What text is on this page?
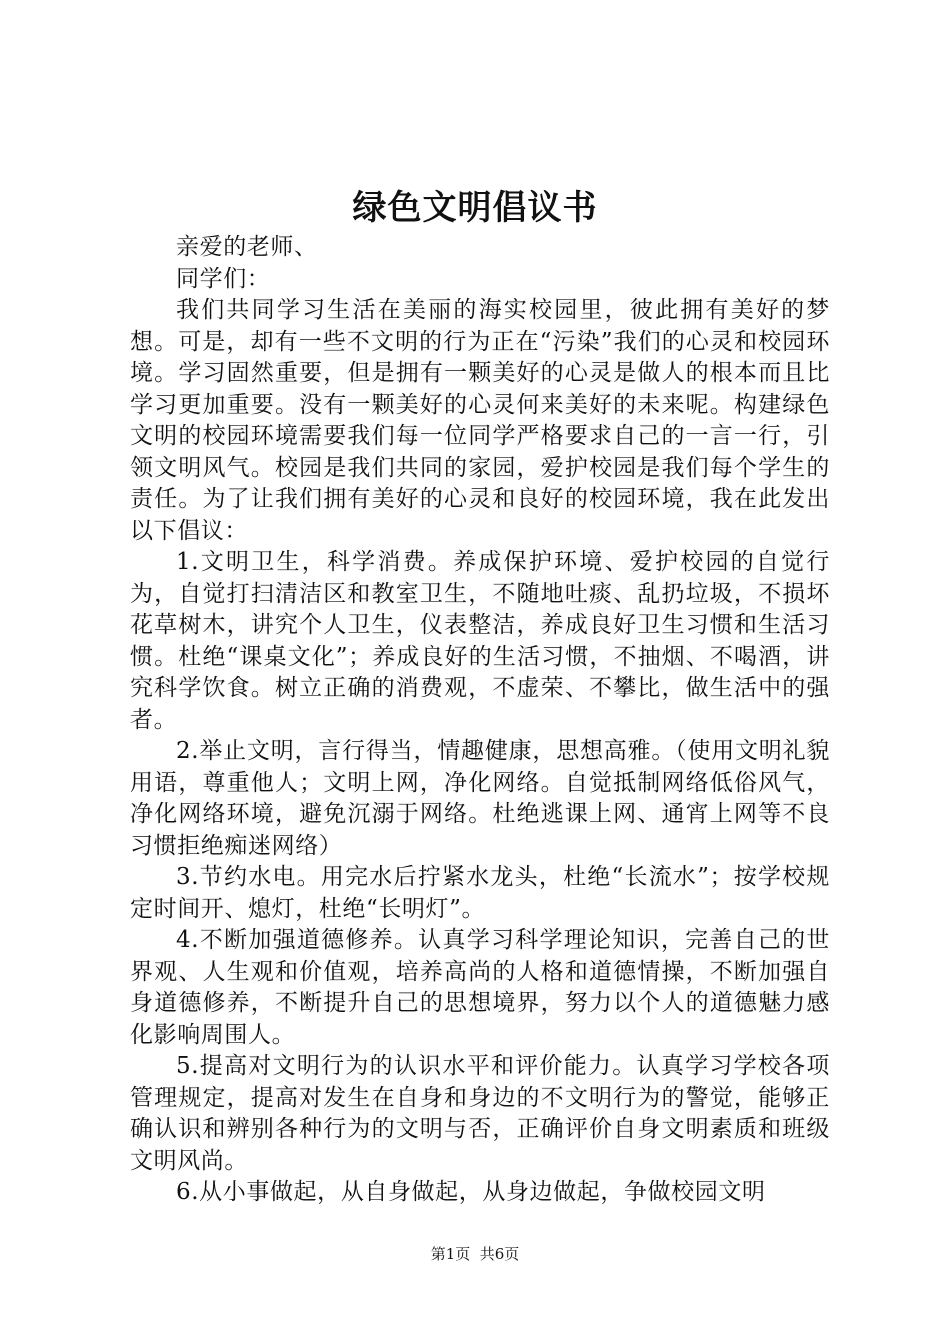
绿色文明倡议书

亲爱的老师、

同学们：

我们共同学习生活在美丽的海实校园里，彼此拥有美好的梦想。可是，却有一些不文明的行为正在“污染”我们的心灵和校园环境。学习固然重要，但是拥有一颗美好的心灵是做人的根本而且比学习更加重要。没有一颗美好的心灵何来美好的未来呢。构建绿色文明的校园环境需要我们每一位同学严格要求自己的一言一行，引领文明风气。校园是我们共同的家园，爱护校园是我们每个学生的责任。为了让我们拥有美好的心灵和良好的校园环境，我在此发出以下倡议：

1.文明卫生，科学消费。养成保护环境、爱护校园的自觉行为，自觉打扫清洁区和教室卫生，不随地吐痰、乱扔垃圾，不损坏花草树木，讲究个人卫生，仪表整洁，养成良好卫生习惯和生活习惯。杜绝“课桌文化”；养成良好的生活习惯，不抽烟、不喝酒，讲究科学饮食。树立正确的消费观，不虚荣、不攀比，做生活中的强者。

2.举止文明，言行得当，情趣健康，思想高雅。（使用文明礼貌用语，尊重他人；文明上网，净化网络。自觉抵制网络低俗风气，净化网络环境，避免沉溺于网络。杜绝逃课上网、通宵上网等不良习惯拒绝痴迷网络）

3.节约水电。用完水后拧紧水龙头，杜绝“长流水”；按学校规定时间开、熄灯，杜绝“长明灯”。

4.不断加强道德修养。认真学习科学理论知识，完善自己的世界观、人生观和价值观，培养高尚的人格和道德情操，不断加强自身道德修养，不断提升自己的思想境界，努力以个人的道德魅力感化影响周围人。

5.提高对文明行为的认识水平和评价能力。认真学习学校各项管理规定，提高对发生在自身和身边的不文明行为的警觉，能够正确认识和辨别各种行为的文明与否，正确评价自身文明素质和班级文明风尚。

6.从小事做起，从自身做起，从身边做起，争做校园文明

第1页  共6页
